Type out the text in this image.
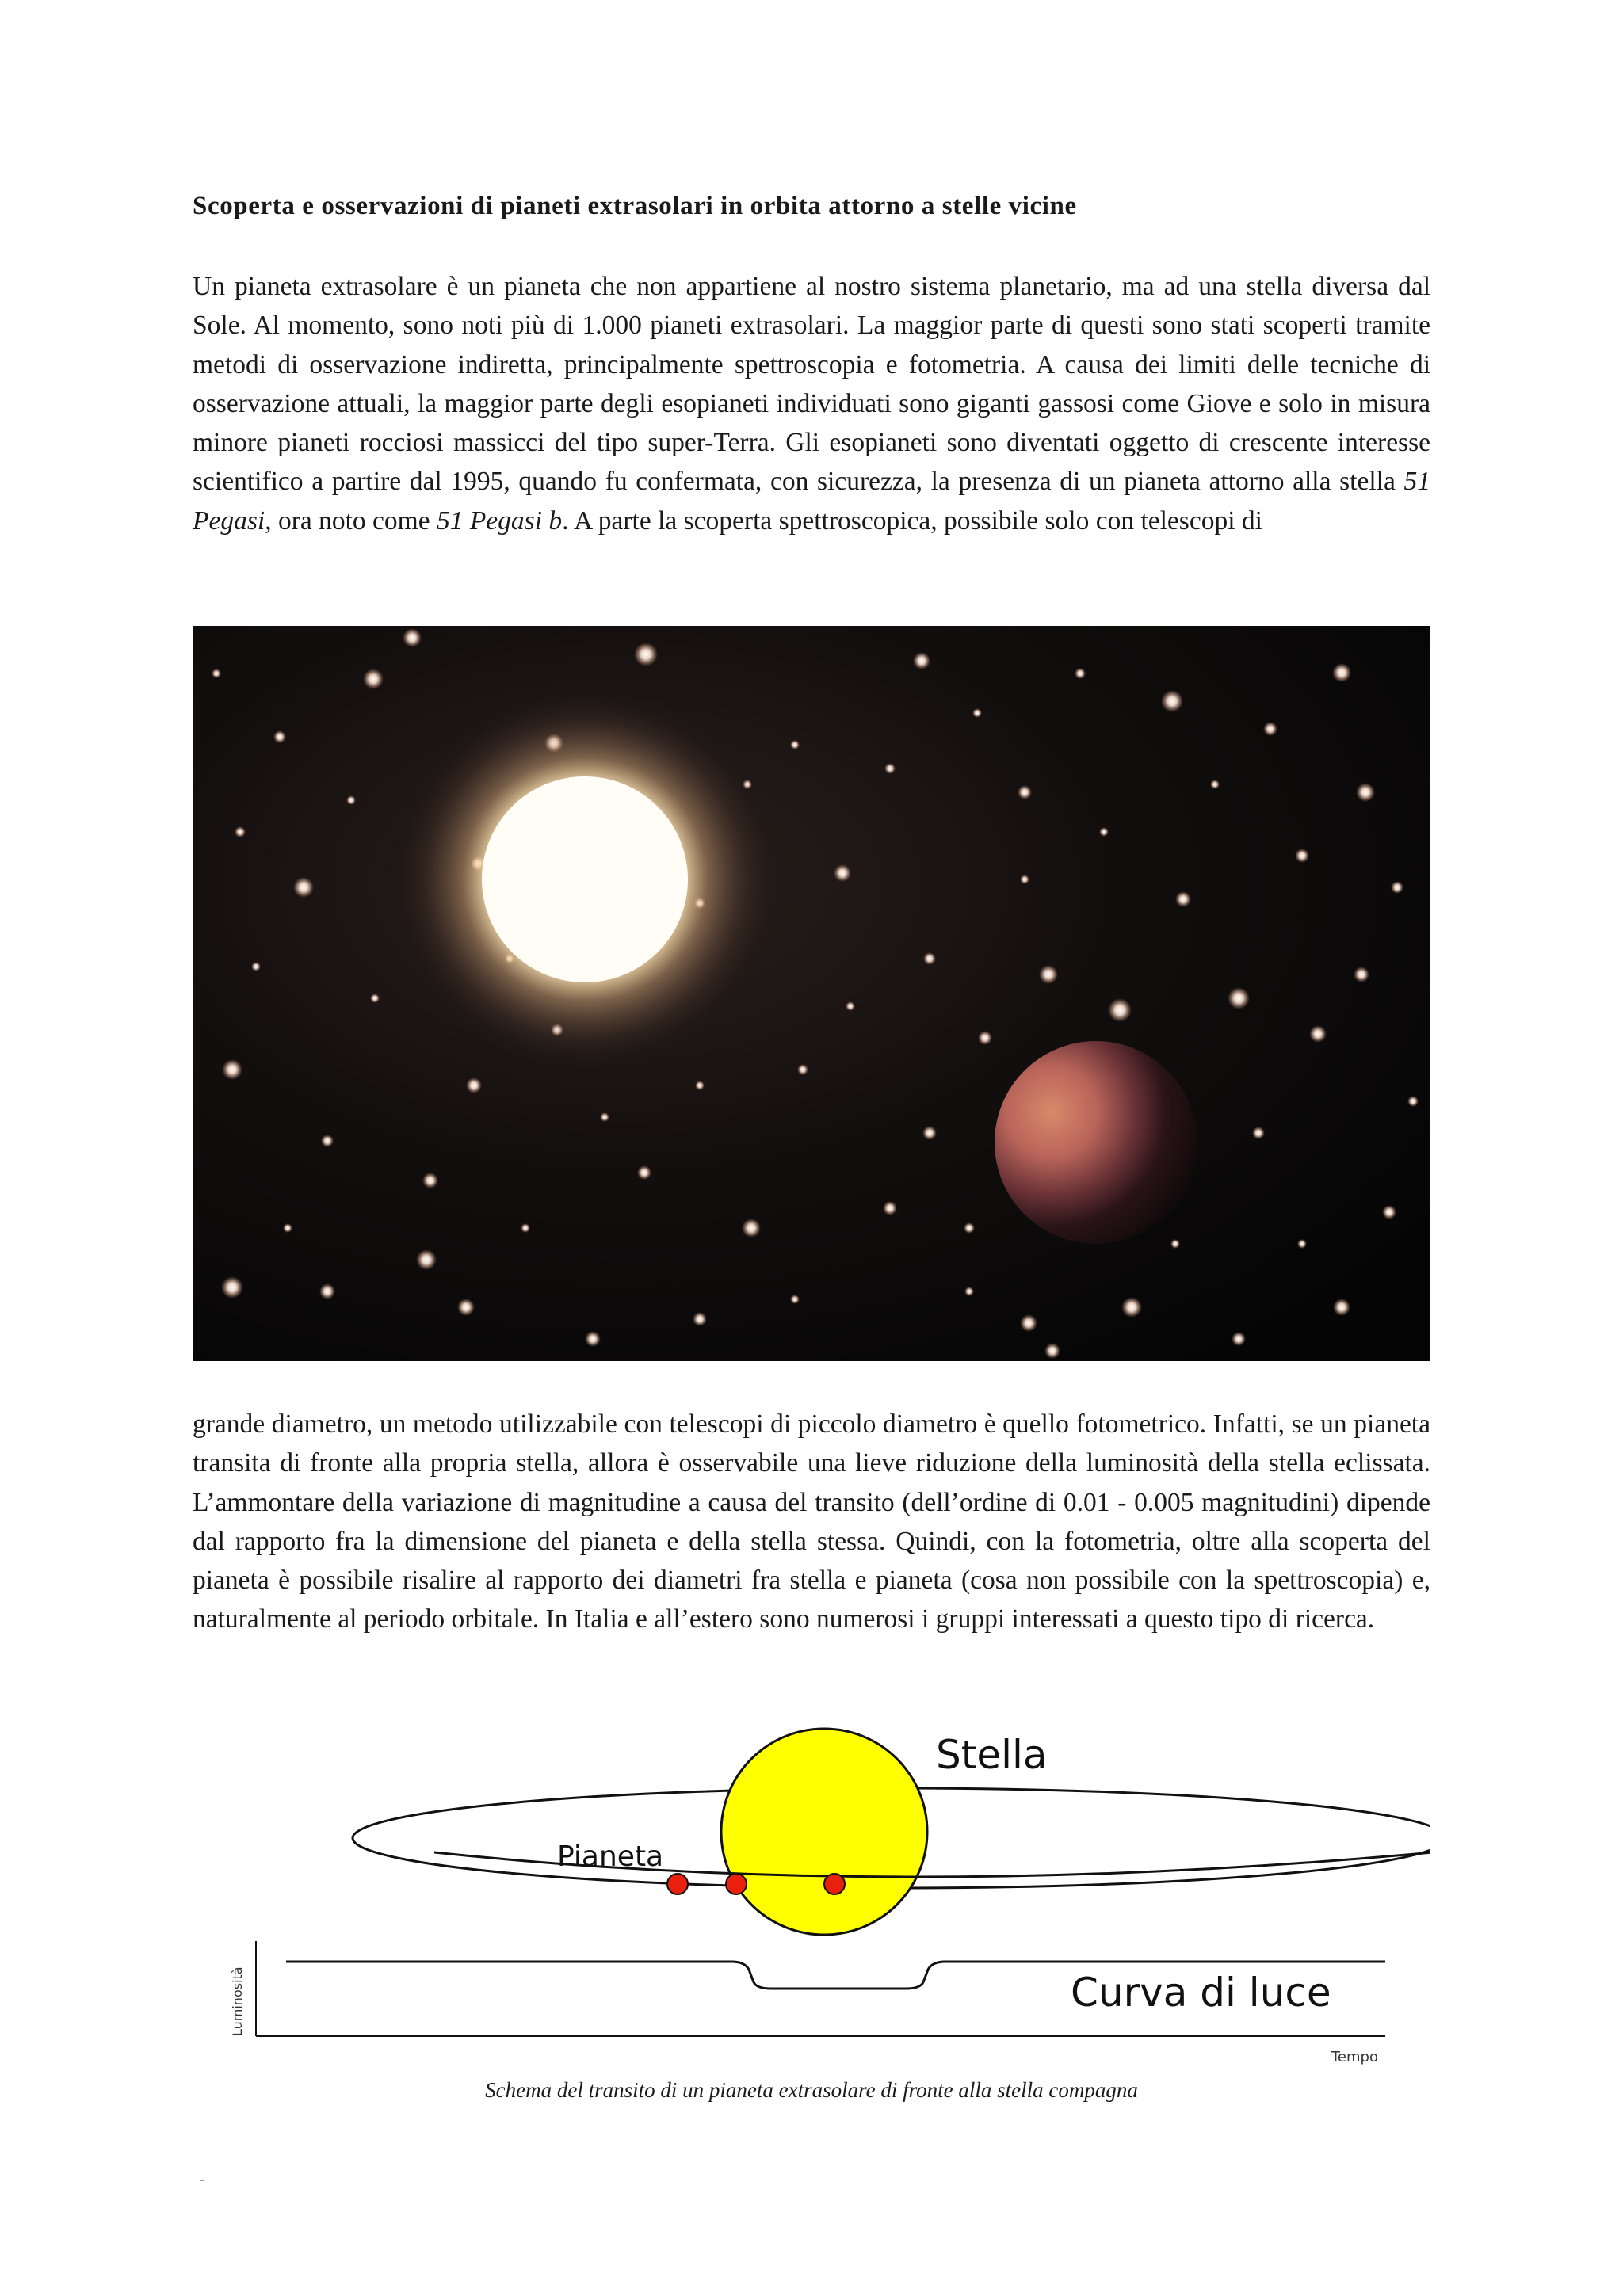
Scoperta e osservazioni di pianeti extrasolari in orbita attorno a stelle vicine
Un pianeta extrasolare è un pianeta che non appartiene al nostro sistema planetario, ma ad una stella diversa dal Sole. Al momento, sono noti più di 1.000 pianeti extrasolari. La maggior parte di questi sono stati scoperti tramite metodi di osservazione indiretta, principalmente spettroscopia e fotometria. A causa dei limiti delle tecniche di osservazione attuali, la maggior parte degli esopianeti individuati sono giganti gassosi come Giove e solo in misura minore pianeti rocciosi massicci del tipo super-Terra. Gli esopianeti sono diventati oggetto di crescente interesse scientifico a partire dal 1995, quando fu confermata, con sicurezza, la presenza di un pianeta attorno alla stella 51 Pegasi, ora noto come 51 Pegasi b. A parte la scoperta spettroscopica, possibile solo con telescopi di
grande diametro, un metodo utilizzabile con telescopi di piccolo diametro è quello fotometrico. Infatti, se un pianeta transita di fronte alla propria stella, allora è osservabile una lieve riduzione della luminosità della stella eclissata. L’ammontare della variazione di magnitudine a causa del transito (dell’ordine di 0.01 - 0.005 magnitudini) dipende dal rapporto fra la dimensione del pianeta e della stella stessa. Quindi, con la fotometria, oltre alla scoperta del pianeta è possibile risalire al rapporto dei diametri fra stella e pianeta (cosa non possibile con la spettroscopia) e, naturalmente al periodo orbitale. In Italia e all’estero sono numerosi i gruppi interessati a questo tipo di ricerca.
Stella
Pianeta
Curva di luce
Luminosità
Tempo
Schema del transito di un pianeta extrasolare di fronte alla stella compagna
-
